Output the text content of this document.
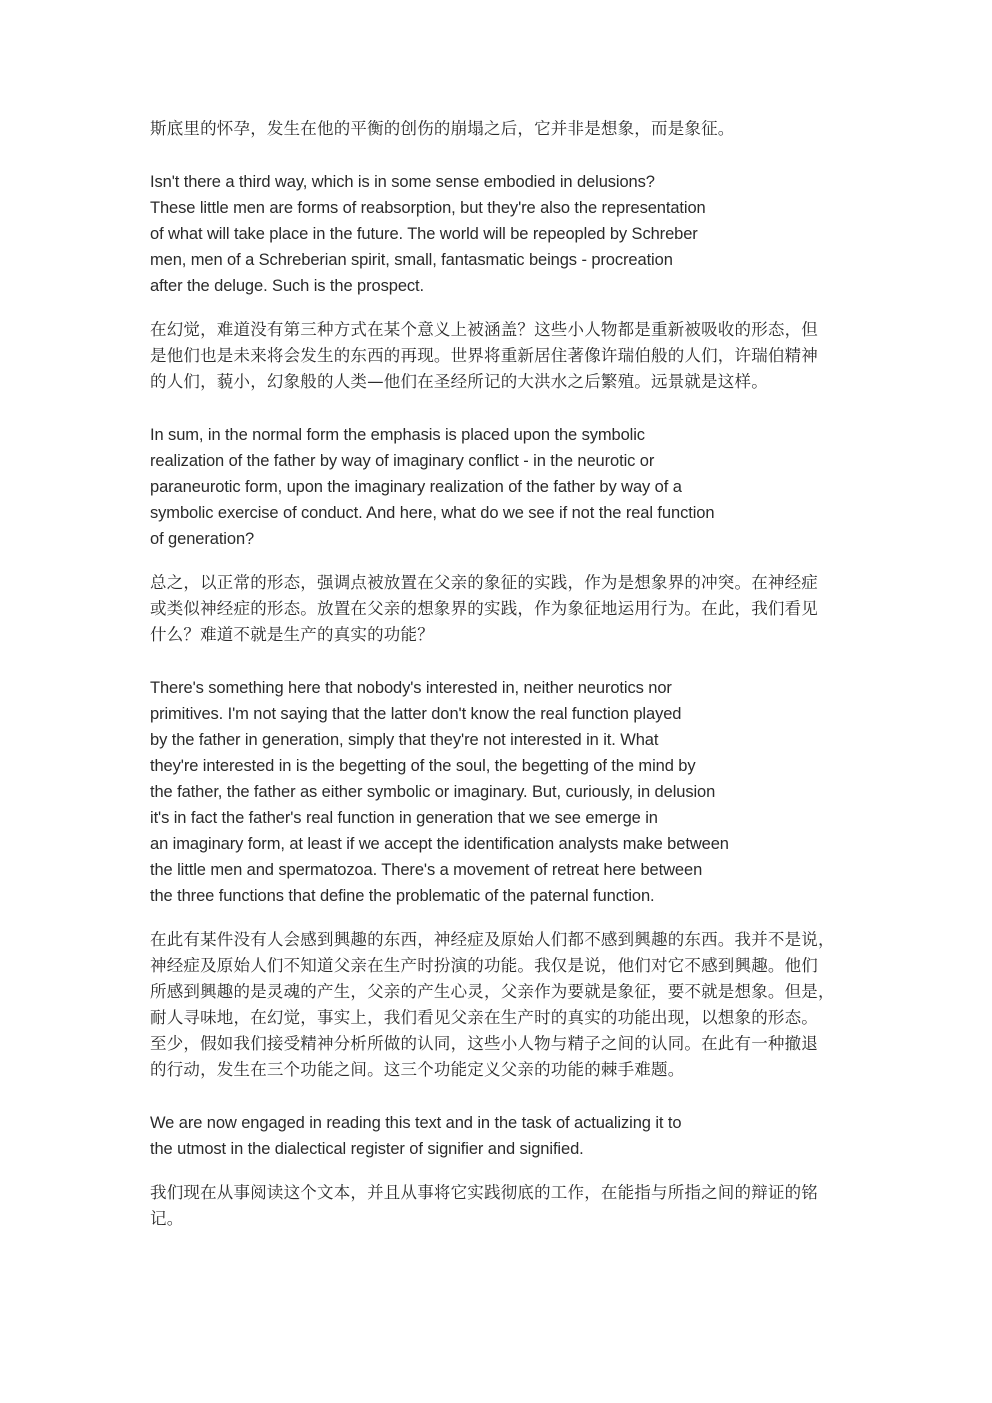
斯底里的怀孕，发生在他的平衡的创伤的崩塌之后，它并非是想象，而是象征。

Isn't there a third way, which is in some sense embodied in delusions?
These little men are forms of reabsorption, but they're also the representation
of what will take place in the future. The world will be repeopled by Schreber
men, men of a Schreberian spirit, small, fantasmatic beings - procreation
after the deluge. Such is the prospect.

在幻觉，难道没有第三种方式在某个意义上被涵盖？这些小人物都是重新被吸收的形态，但
是他们也是未来将会发生的东西的再现。世界将重新居住著像许瑞伯般的人们，许瑞伯精神
的人们，藐小，幻象般的人类—他们在圣经所记的大洪水之后繁殖。远景就是这样。

In sum, in the normal form the emphasis is placed upon the symbolic
realization of the father by way of imaginary conflict - in the neurotic or
paraneurotic form, upon the imaginary realization of the father by way of a
symbolic exercise of conduct. And here, what do we see if not the real function
of generation?

总之，以正常的形态，强调点被放置在父亲的象征的实践，作为是想象界的冲突。在神经症
或类似神经症的形态。放置在父亲的想象界的实践，作为象征地运用行为。在此，我们看见
什么？难道不就是生产的真实的功能？

There's something here that nobody's interested in, neither neurotics nor
primitives. I'm not saying that the latter don't know the real function played
by the father in generation, simply that they're not interested in it. What
they're interested in is the begetting of the soul, the begetting of the mind by
the father, the father as either symbolic or imaginary. But, curiously, in delusion
it's in fact the father's real function in generation that we see emerge in
an imaginary form, at least if we accept the identification analysts make between
the little men and spermatozoa. There's a movement of retreat here between
the three functions that define the problematic of the paternal function.

在此有某件没有人会感到興趣的东西，神经症及原始人们都不感到興趣的东西。我并不是说，
神经症及原始人们不知道父亲在生产时扮演的功能。我仅是说，他们对它不感到興趣。他们
所感到興趣的是灵魂的产生，父亲的产生心灵，父亲作为要就是象征，要不就是想象。但是，
耐人寻味地，在幻觉，事实上，我们看见父亲在生产时的真实的功能出现，以想象的形态。
至少，假如我们接受精神分析所做的认同，这些小人物与精子之间的认同。在此有一种撤退
的行动，发生在三个功能之间。这三个功能定义父亲的功能的棘手难题。

We are now engaged in reading this text and in the task of actualizing it to
the utmost in the dialectical register of signifier and signified.

我们现在从事阅读这个文本，并且从事将它实践彻底的工作，在能指与所指之间的辩证的铭
记。
